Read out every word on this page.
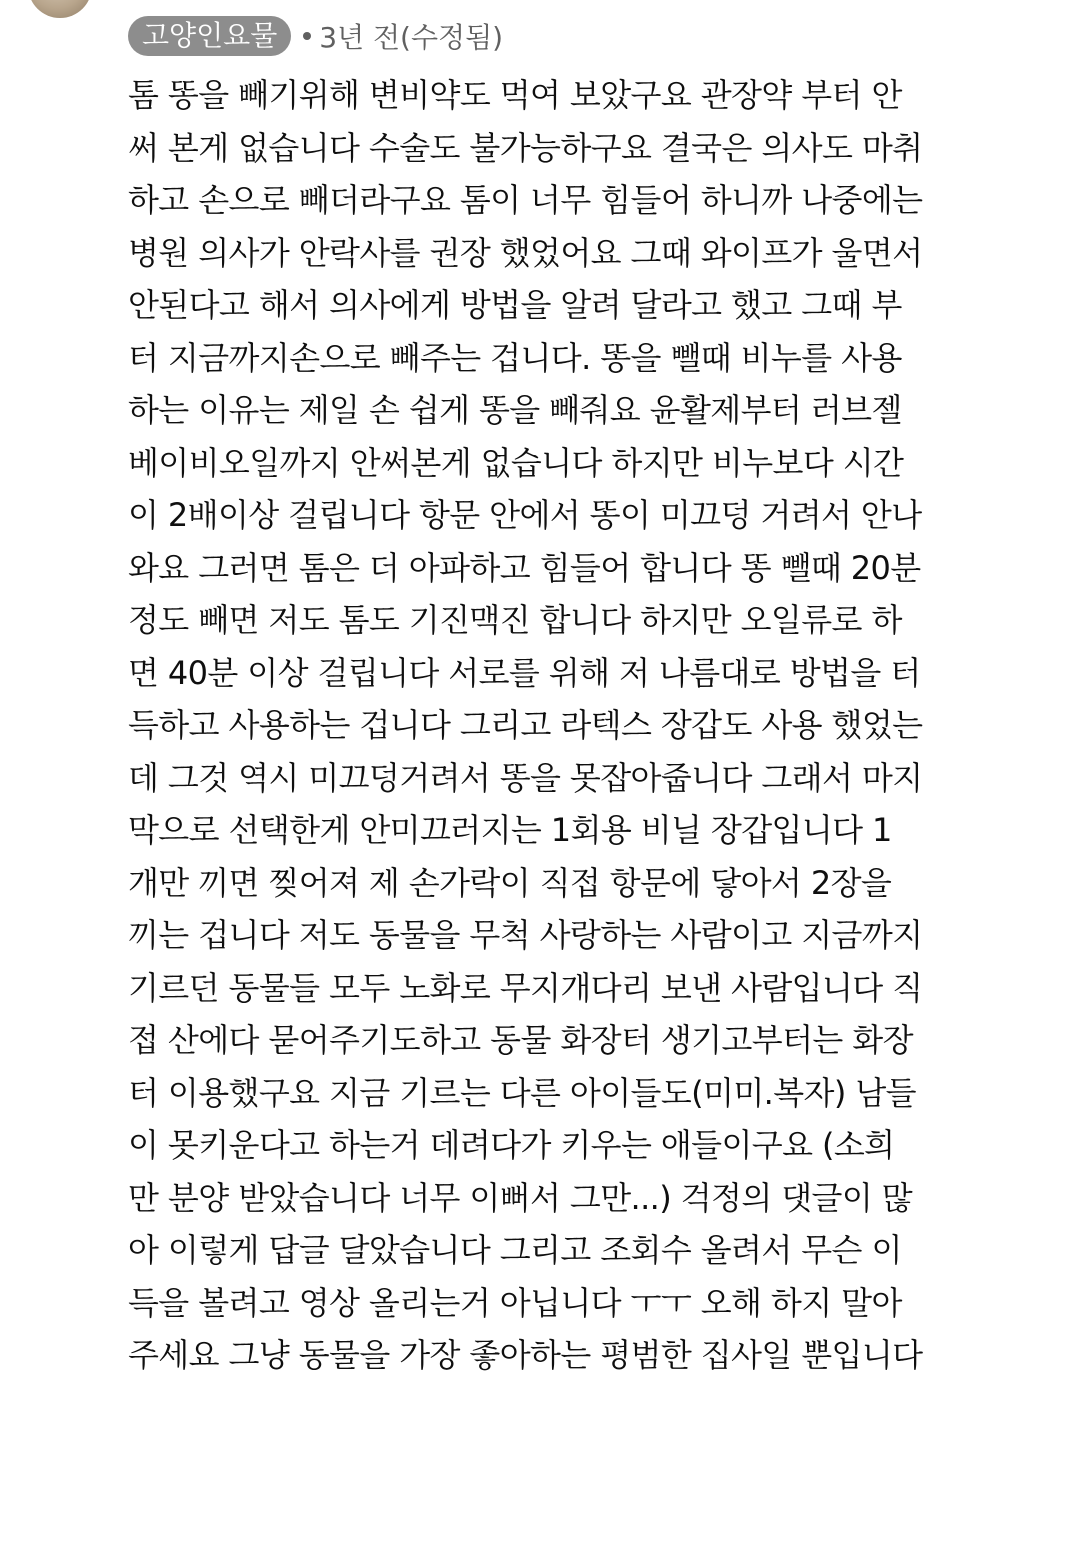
고양인요물	3년 전(수정됨)
톰 똥을 빼기위해 변비약도 먹여 보았구요 관장약 부터 안
써 본게 없습니다 수술도 불가능하구요 결국은 의사도 마취
하고 손으로 빼더라구요 톰이 너무 힘들어 하니까 나중에는
병원 의사가 안락사를 권장 했었어요 그때 와이프가 울면서
안된다고 해서 의사에게 방법을 알려 달라고 했고 그때 부
터 지금까지손으로 빼주는 겁니다. 똥을 뺄때 비누를 사용
하는 이유는 제일 손 쉽게 똥을 빼줘요 윤활제부터 러브젤
베이비오일까지 안써본게 없습니다 하지만 비누보다 시간
이 2배이상 걸립니다 항문 안에서 똥이 미끄덩 거려서 안나
와요 그러면 톰은 더 아파하고 힘들어 합니다 똥 뺄때 20분
정도 빼면 저도 톰도 기진맥진 합니다 하지만 오일류로 하
면 40분 이상 걸립니다 서로를 위해 저 나름대로 방법을 터
득하고 사용하는 겁니다 그리고 라텍스 장갑도 사용 했었는
데 그것 역시 미끄덩거려서 똥을 못잡아줍니다 그래서 마지
막으로 선택한게 안미끄러지는 1회용 비닐 장갑입니다 1
개만 끼면 찢어져 제 손가락이 직접 항문에 닿아서 2장을
끼는 겁니다 저도 동물을 무척 사랑하는 사람이고 지금까지
기르던 동물들 모두 노화로 무지개다리 보낸 사람입니다 직
접 산에다 묻어주기도하고 동물 화장터 생기고부터는 화장
터 이용했구요 지금 기르는 다른 아이들도(미미.복자) 남들
이 못키운다고 하는거 데려다가 키우는 애들이구요 (소희
만 분양 받았습니다 너무 이뻐서 그만...) 걱정의 댓글이 많
아 이렇게 답글 달았습니다 그리고 조회수 올려서 무슨 이
득을 볼려고 영상 올리는거 아닙니다 ㅜㅜ 오해 하지 말아
주세요 그냥 동물을 가장 좋아하는 평범한 집사일 뿐입니다
